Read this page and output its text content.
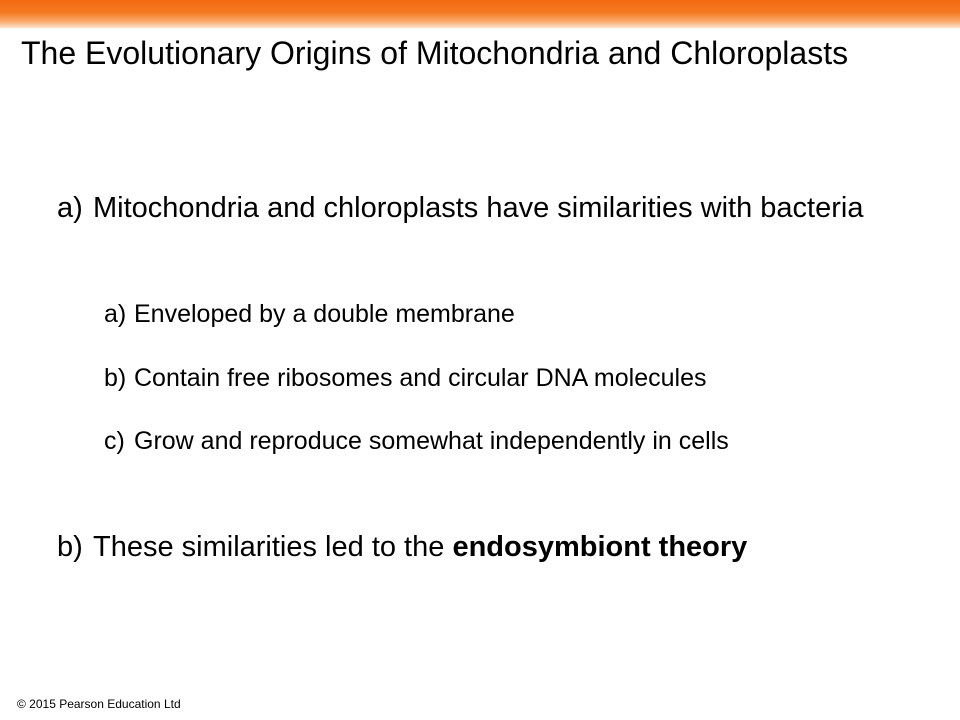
The Evolutionary Origins of Mitochondria and Chloroplasts
a) Mitochondria and chloroplasts have similarities with bacteria
a) Enveloped by a double membrane
b) Contain free ribosomes and circular DNA molecules
c) Grow and reproduce somewhat independently in cells
b) These similarities led to the endosymbiont theory
© 2015 Pearson Education Ltd
